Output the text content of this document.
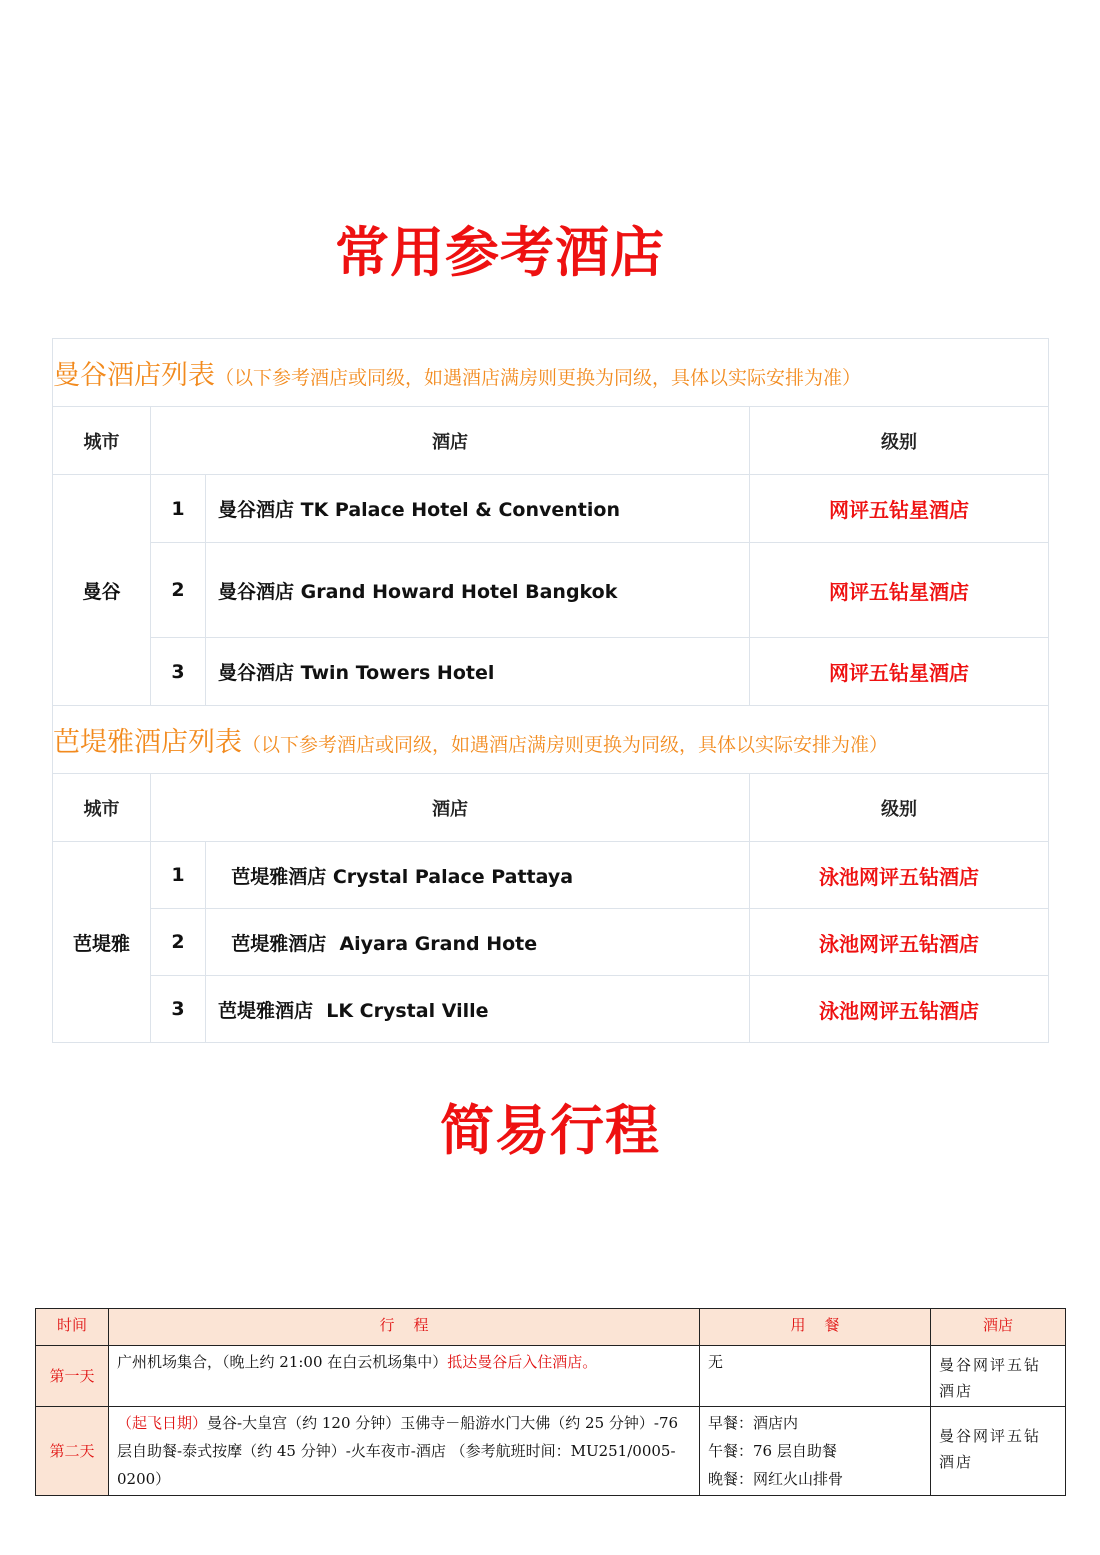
常用参考酒店
曼谷酒店列表（以下参考酒店或同级，如遇酒店满房则更换为同级，具体以实际安排为准）			
城市	酒店		级别
曼谷	1	曼谷酒店 TK Palace Hotel & Convention	网评五钻星酒店
	2	曼谷酒店 Grand Howard Hotel Bangkok	网评五钻星酒店
	3	曼谷酒店 Twin Towers Hotel	网评五钻星酒店
芭堤雅酒店列表（以下参考酒店或同级，如遇酒店满房则更换为同级，具体以实际安排为准）			
城市	酒店		级别
芭堤雅	1	芭堤雅酒店 Crystal Palace Pattaya	泳池网评五钻酒店
	2	芭堤雅酒店  Aiyara Grand Hote	泳池网评五钻酒店
	3	芭堤雅酒店  LK Crystal Ville	泳池网评五钻酒店
简易行程
时间	行    程	用    餐	酒店
第一天	广州机场集合，（晚上约 21:00 在白云机场集中）抵达曼谷后入住酒店。	无	曼谷网评五钻酒店
第二天	（起飞日期）曼谷-大皇宫（约 120 分钟）玉佛寺－船游水门大佛（约 25 分钟）-76 层自助餐-泰式按摩（约 45 分钟）-火车夜市-酒店 （参考航班时间：MU251/0005-0200）	早餐：酒店内
午餐：76 层自助餐
晚餐：网红火山排骨	曼谷网评五钻酒店
